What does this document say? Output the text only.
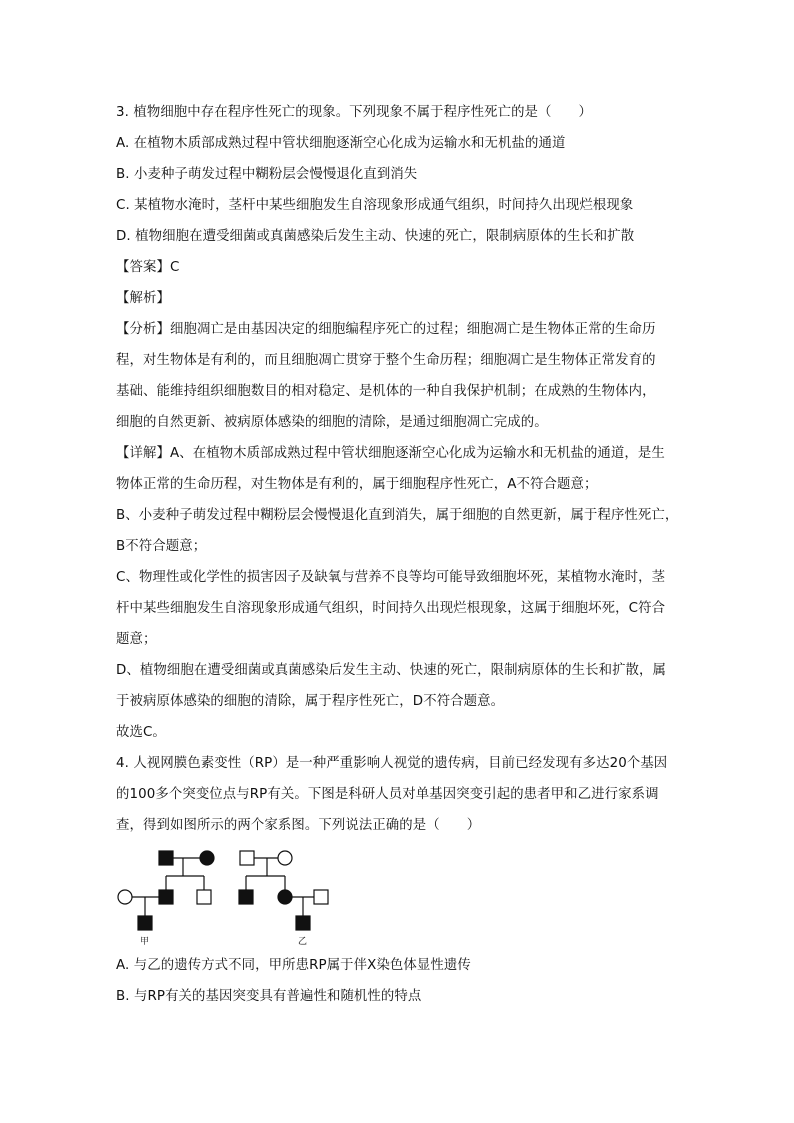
3. 植物细胞中存在程序性死亡的现象。下列现象不属于程序性死亡的是（　　）
A. 在植物木质部成熟过程中管状细胞逐渐空心化成为运输水和无机盐的通道
B. 小麦种子萌发过程中糊粉层会慢慢退化直到消失
C. 某植物水淹时，茎杆中某些细胞发生自溶现象形成通气组织，时间持久出现烂根现象
D. 植物细胞在遭受细菌或真菌感染后发生主动、快速的死亡，限制病原体的生长和扩散
【答案】C
【解析】
【分析】细胞凋亡是由基因决定的细胞编程序死亡的过程；细胞凋亡是生物体正常的生命历
程，对生物体是有利的，而且细胞凋亡贯穿于整个生命历程；细胞凋亡是生物体正常发育的
基础、能维持组织细胞数目的相对稳定、是机体的一种自我保护机制；在成熟的生物体内，
细胞的自然更新、被病原体感染的细胞的清除，是通过细胞凋亡完成的。
【详解】A、在植物木质部成熟过程中管状细胞逐渐空心化成为运输水和无机盐的通道，是生
物体正常的生命历程，对生物体是有利的，属于细胞程序性死亡，A不符合题意；
B、小麦种子萌发过程中糊粉层会慢慢退化直到消失，属于细胞的自然更新，属于程序性死亡，
B不符合题意；
C、物理性或化学性的损害因子及缺氧与营养不良等均可能导致细胞坏死，某植物水淹时，茎
杆中某些细胞发生自溶现象形成通气组织，时间持久出现烂根现象，这属于细胞坏死，C符合
题意；
D、植物细胞在遭受细菌或真菌感染后发生主动、快速的死亡，限制病原体的生长和扩散，属
于被病原体感染的细胞的清除，属于程序性死亡，D不符合题意。
故选C。
4. 人视网膜色素变性（RP）是一种严重影响人视觉的遗传病，目前已经发现有多达20个基因
的100多个突变位点与RP有关。下图是科研人员对单基因突变引起的患者甲和乙进行家系调
查，得到如图所示的两个家系图。下列说法正确的是（　　）
甲	乙
A. 与乙的遗传方式不同，甲所患RP属于伴X染色体显性遗传
B. 与RP有关的基因突变具有普遍性和随机性的特点
